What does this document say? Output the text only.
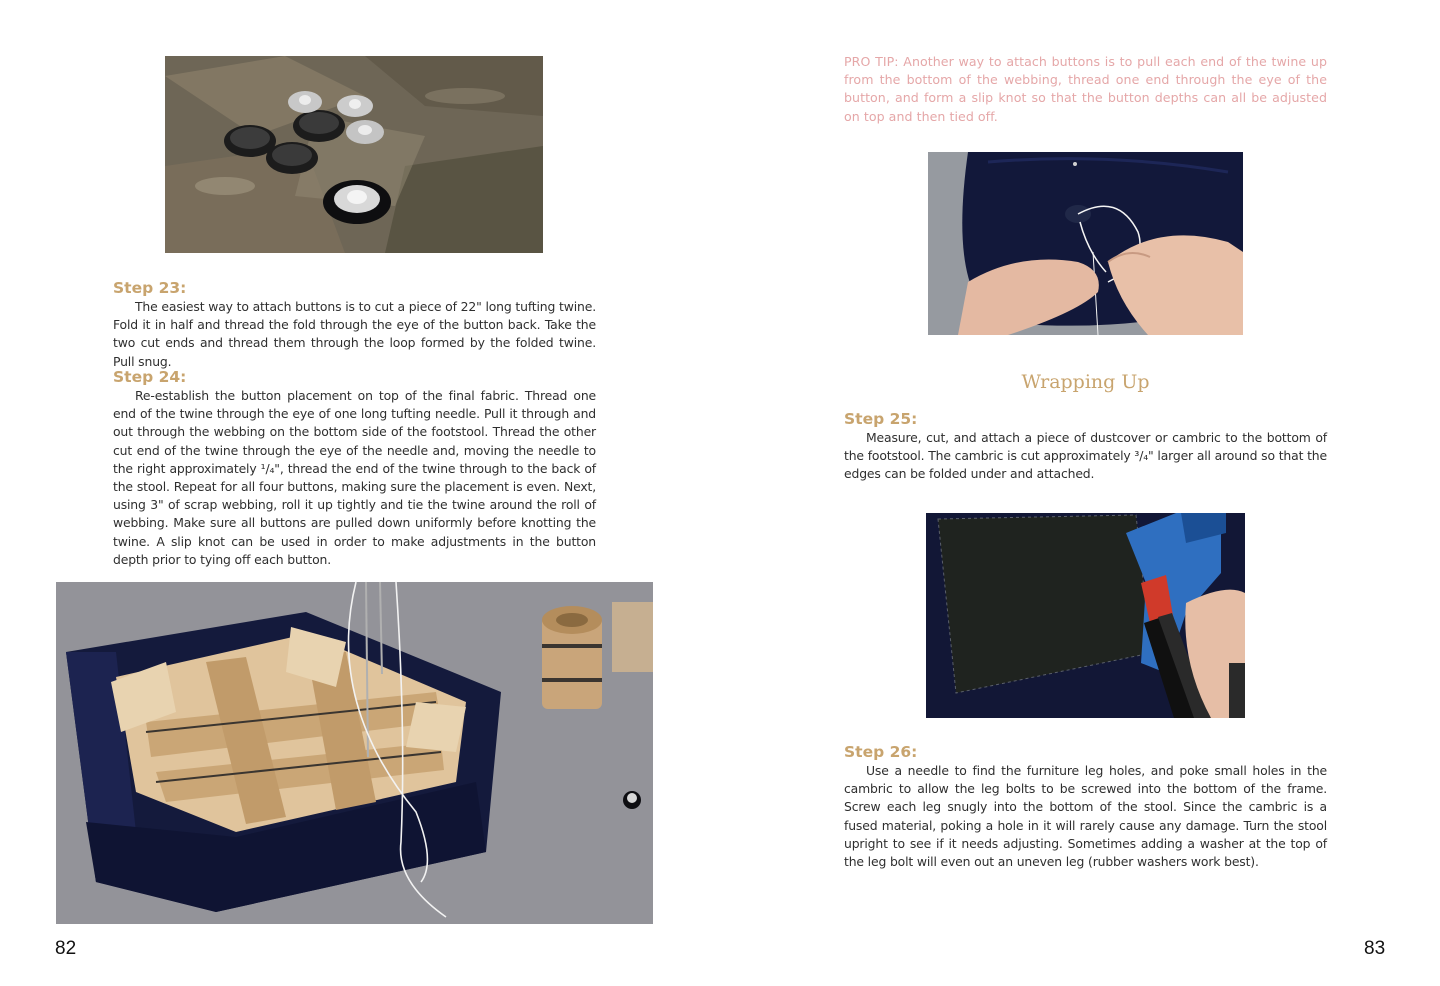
Step 23:

The easiest way to attach buttons is to cut a piece of 22" long tufting twine. Fold it in half and thread the fold through the eye of the button back. Take the two cut ends and thread them through the loop formed by the folded twine. Pull snug.

Step 24:

Re-establish the button placement on top of the final fabric. Thread one end of the twine through the eye of one long tufting needle. Pull it through and out through the webbing on the bottom side of the footstool. Thread the other cut end of the twine through the eye of the needle and, moving the needle to the right approximately ¹/₄", thread the end of the twine through to the back of the stool. Repeat for all four buttons, making sure the placement is even. Next, using 3" of scrap webbing, roll it up tightly and tie the twine around the roll of webbing. Make sure all buttons are pulled down uniformly before knotting the twine. A slip knot can be used in order to make adjustments in the button depth prior to tying off each button.

82

PRO TIP: Another way to attach buttons is to pull each end of the twine up from the bottom of the webbing, thread one end through the eye of the button, and form a slip knot so that the button depths can all be adjusted on top and then tied off.

Wrapping Up
Step 25:

Measure, cut, and attach a piece of dustcover or cambric to the bottom of the footstool. The cambric is cut approximately ³/₄" larger all around so that the edges can be folded under and attached.

Step 26:

Use a needle to find the furniture leg holes, and poke small holes in the cambric to allow the leg bolts to be screwed into the bottom of the frame. Screw each leg snugly into the bottom of the stool. Since the cambric is a fused material, poking a hole in it will rarely cause any damage. Turn the stool upright to see if it needs adjusting. Sometimes adding a washer at the top of the leg bolt will even out an uneven leg (rubber washers work best).

83
